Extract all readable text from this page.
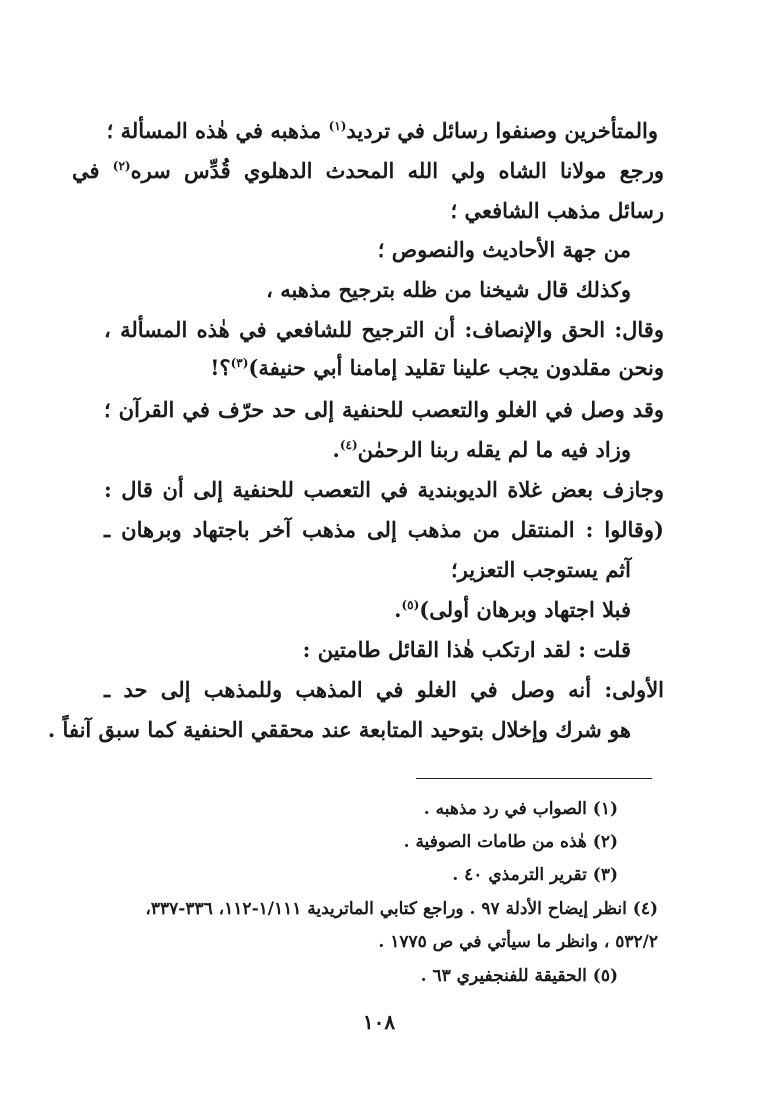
والمتأخرين وصنفوا رسائل في ترديد$^{(١)}$ مذهبه في هٰذه المسألة ؛
ورجع مولانا الشاه ولي الله المحدث الدهلوي قُدِّس سره$^{(٢)}$ في
رسائل مذهب الشافعي ؛
من جهة الأحاديث والنصوص ؛
وكذلك قال شيخنا من ظله بترجيح مذهبه ،
وقال: الحق والإنصاف: أن الترجيح للشافعي في هٰذه المسألة ،
ونحن مقلدون يجب علينا تقليد إمامنا أبي حنيفة)$^{(٣)}$؟!
وقد وصل في الغلو والتعصب للحنفية إلى حد حرّف في القرآن ؛
وزاد فيه ما لم يقله ربنا الرحمٰن$^{(٤)}$.
وجازف بعض غلاة الديوبندية في التعصب للحنفية إلى أن قال :
(وقالوا : المنتقل من مذهب إلى مذهب آخر باجتهاد وبرهان ـ
آثم يستوجب التعزير؛
فبلا اجتهاد وبرهان أولى)$^{(٥)}$.
قلت : لقد ارتكب هٰذا القائل طامتين :
الأولى: أنه وصل في الغلو في المذهب وللمذهب إلى حد ـ
هو شرك وإخلال بتوحيد المتابعة عند محققي الحنفية كما سبق آنفاً .
(١) الصواب في رد مذهبه .
(٢) هٰذه من طامات الصوفية .
(٣) تقرير الترمذي ٤٠ .
(٤) انظر إيضاح الأدلة ٩٧ . وراجع كتابي الماتريدية ١/١١١-١١٢، ٣٣٦-٣٣٧،
٥٣٢/٢ ، وانظر ما سيأتي في ص ١٧٧٥ .
(٥) الحقيقة للفنجفيري ٦٣ .
١٠٨
